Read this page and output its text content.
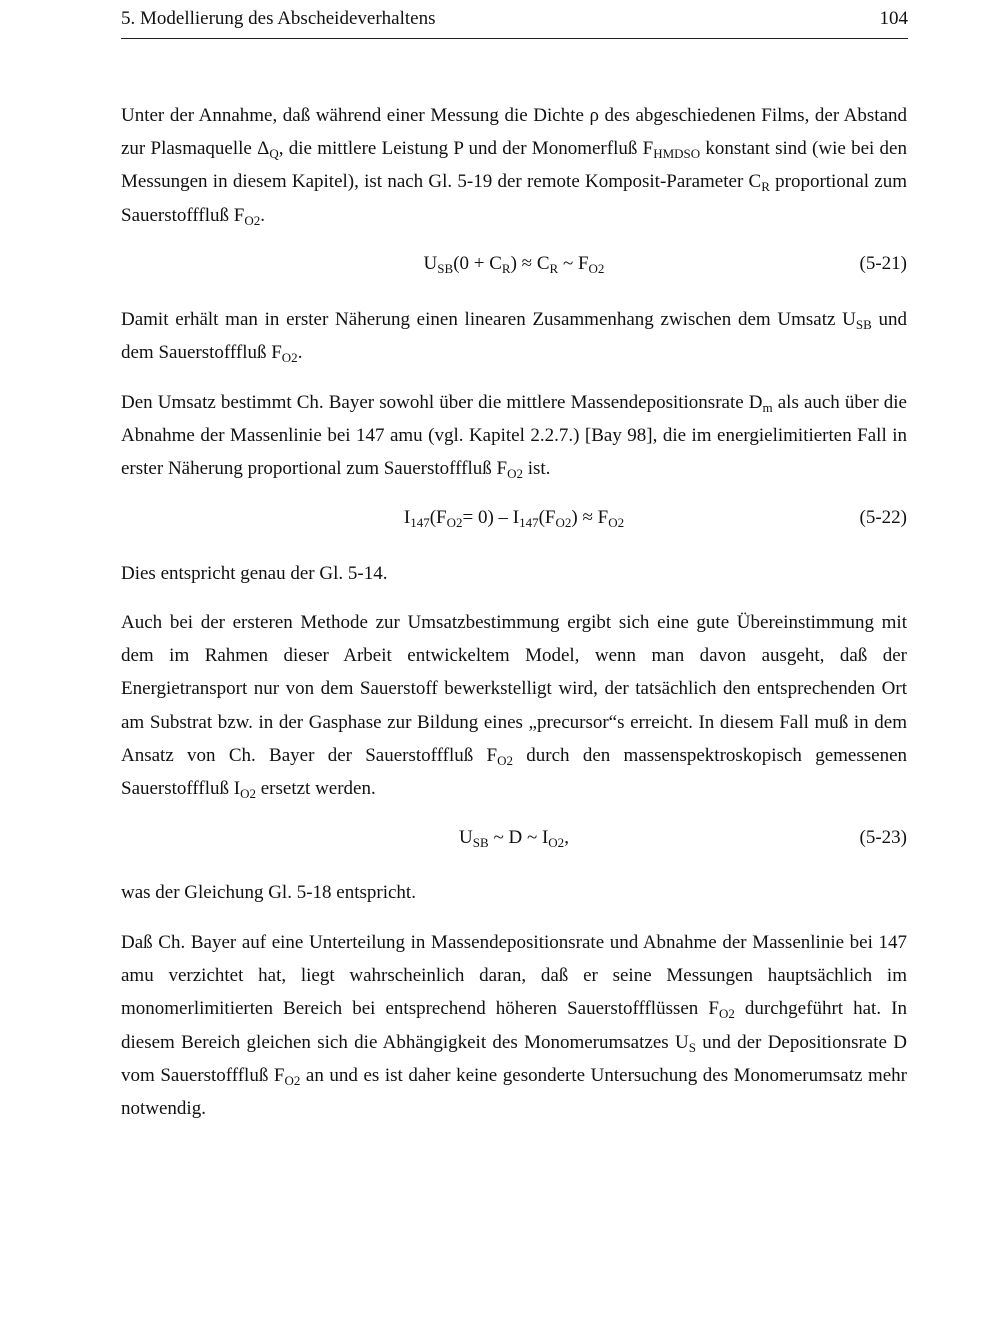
5. Modellierung des Abscheideverhaltens	104

Unter der Annahme, daß während einer Messung die Dichte ρ des abgeschiedenen Films, der Abstand zur Plasmaquelle $\Delta_Q$, die mittlere Leistung P und der Monomerfluß $F_{HMDSO}$ konstant sind (wie bei den Messungen in diesem Kapitel), ist nach Gl. 5-19 der remote Komposit-Parameter $C_R$ proportional zum Sauerstofffluß $F_{O2}$.

$U_{SB}(0 + C_R) \approx C_R$ ~ $F_{O2}$	(5-21)

Damit erhält man in erster Näherung einen linearen Zusammenhang zwischen dem Umsatz $U_{SB}$ und dem Sauerstofffluß $F_{O2}$.

Den Umsatz bestimmt Ch. Bayer sowohl über die mittlere Massendepositionsrate $D_m$ als auch über die Abnahme der Massenlinie bei 147 amu (vgl. Kapitel 2.2.7.) [Bay 98], die im energielimitierten Fall in erster Näherung proportional zum Sauerstofffluß $F_{O2}$ ist.

$I_{147}(F_{O2}= 0) - I_{147}(F_{O2}) \approx F_{O2}$	(5-22)

Dies entspricht genau der Gl. 5-14.

Auch bei der ersteren Methode zur Umsatzbestimmung ergibt sich eine gute Übereinstimmung mit dem im Rahmen dieser Arbeit entwickeltem Model, wenn man davon ausgeht, daß der Energietransport nur von dem Sauerstoff bewerkstelligt wird, der tatsächlich den entsprechenden Ort am Substrat bzw. in der Gasphase zur Bildung eines „precursor“s erreicht. In diesem Fall muß in dem Ansatz von Ch. Bayer der Sauerstofffluß $F_{O2}$ durch den massenspektroskopisch gemessenen Sauerstofffluß $I_{O2}$ ersetzt werden.

$U_{SB}$ ~ D ~ $I_{O2}$,	(5-23)

was der Gleichung Gl. 5-18 entspricht.

Daß Ch. Bayer auf eine Unterteilung in Massendepositionsrate und Abnahme der Massenlinie bei 147 amu verzichtet hat, liegt wahrscheinlich daran, daß er seine Messungen hauptsächlich im monomerlimitierten Bereich bei entsprechend höheren Sauerstoffflüssen $F_{O2}$ durchgeführt hat. In diesem Bereich gleichen sich die Abhängigkeit des Monomerumsatzes $U_S$ und der Depositionsrate D vom Sauerstofffluß $F_{O2}$ an und es ist daher keine gesonderte Untersuchung des Monomerumsatz mehr notwendig.
